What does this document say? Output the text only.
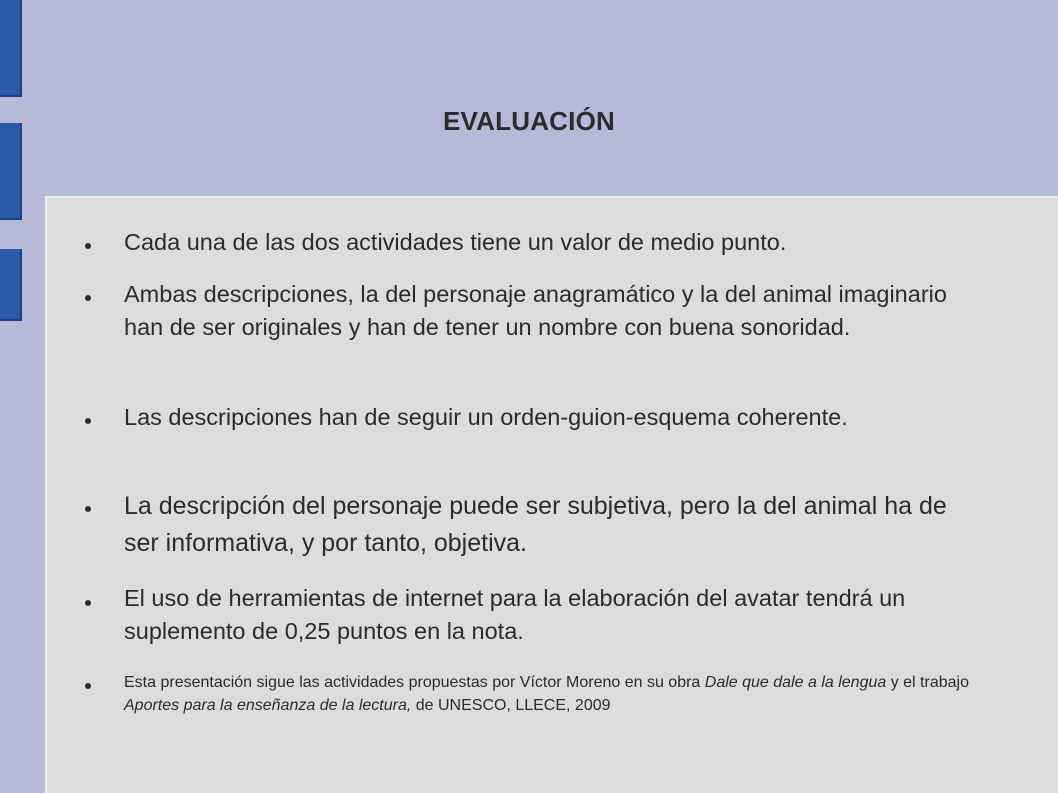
EVALUACIÓN
Cada una de las dos actividades tiene un valor de medio punto.
Ambas descripciones, la del personaje anagramático y la del animal imaginario han de ser originales y han de tener un nombre con buena sonoridad.
Las descripciones han de seguir un orden-guion-esquema coherente.
La descripción del personaje puede ser subjetiva, pero la del animal ha de ser informativa, y por tanto, objetiva.
El uso de herramientas de internet para la elaboración del avatar tendrá un suplemento de 0,25 puntos en la nota.
Esta presentación sigue las actividades propuestas por Víctor Moreno en su obra Dale que dale a la lengua y el trabajo Aportes para la enseñanza de la lectura, de UNESCO, LLECE, 2009
